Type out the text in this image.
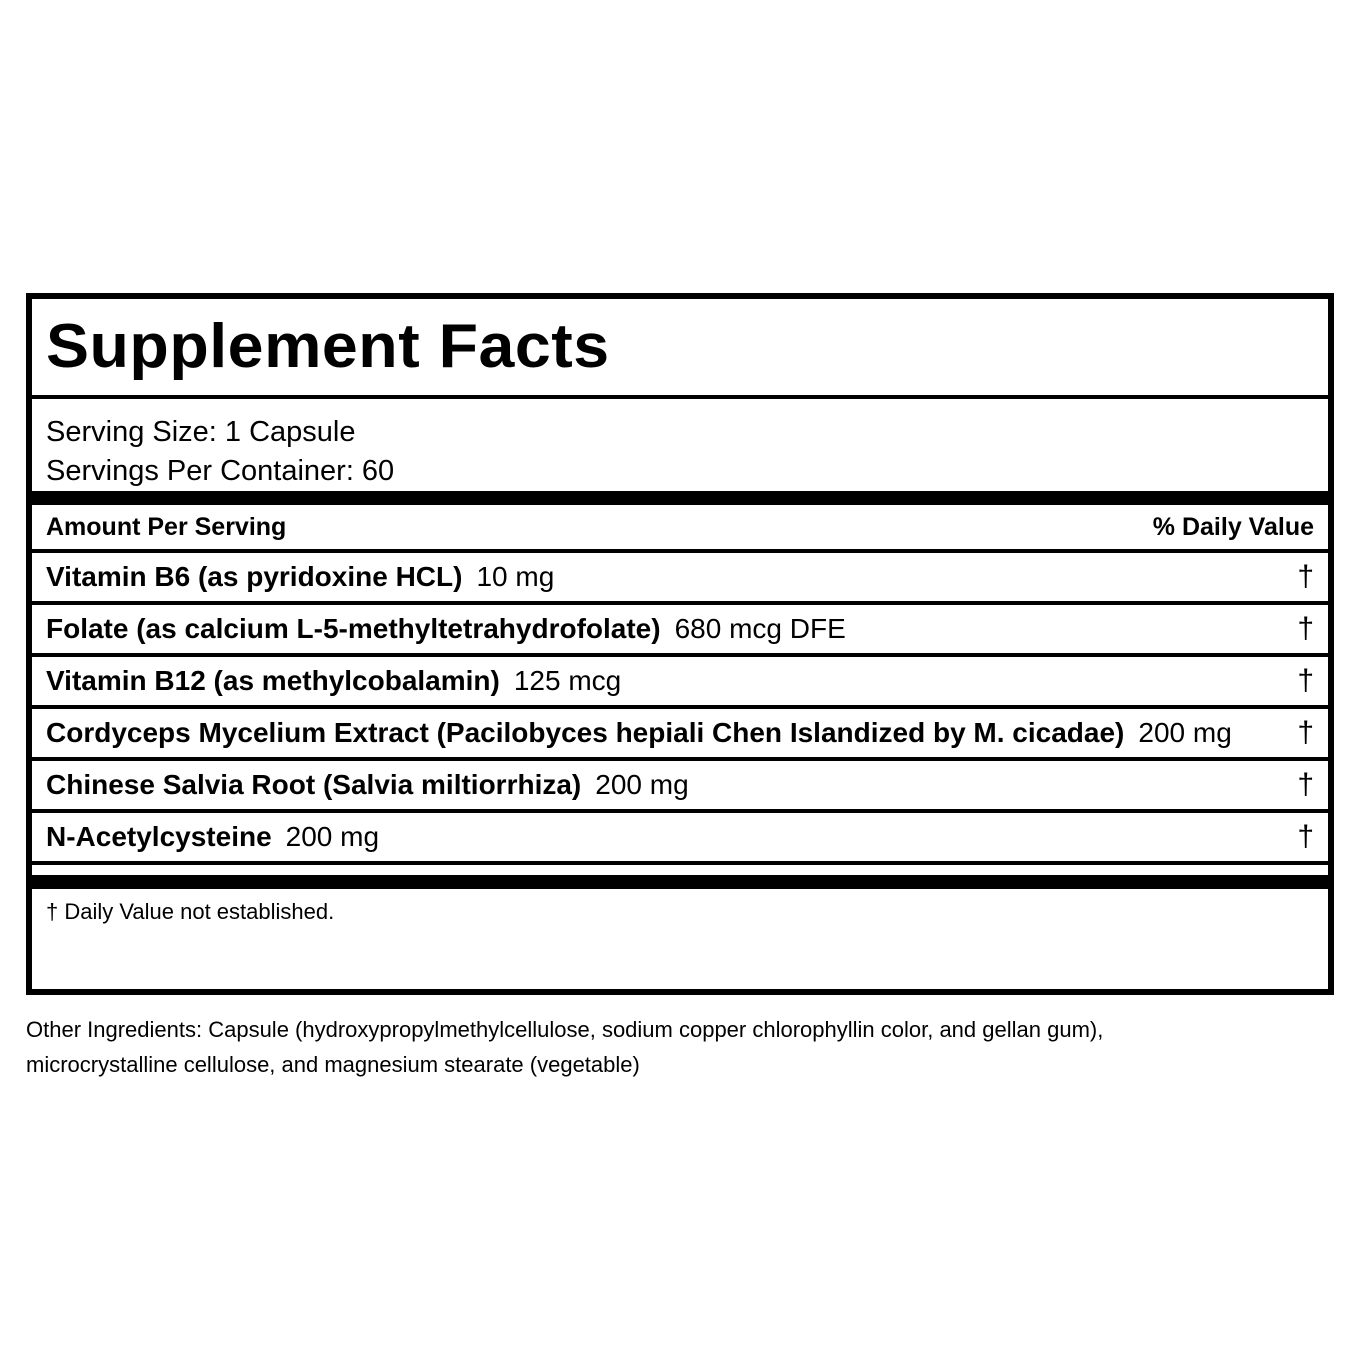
Supplement Facts
Serving Size: 1 Capsule
Servings Per Container: 60
Amount Per Serving	% Daily Value
Vitamin B6 (as pyridoxine HCL) 10 mg	†
Folate (as calcium L-5-methyltetrahydrofolate) 680 mcg DFE	†
Vitamin B12 (as methylcobalamin) 125 mcg	†
Cordyceps Mycelium Extract (Pacilobyces hepiali Chen Islandized by M. cicadae) 200 mg †
Chinese Salvia Root (Salvia miltiorrhiza) 200 mg	†
N-Acetylcysteine 200 mg	†
† Daily Value not established.
Other Ingredients: Capsule (hydroxypropylmethylcellulose, sodium copper chlorophyllin color, and gellan gum),
microcrystalline cellulose, and magnesium stearate (vegetable)
